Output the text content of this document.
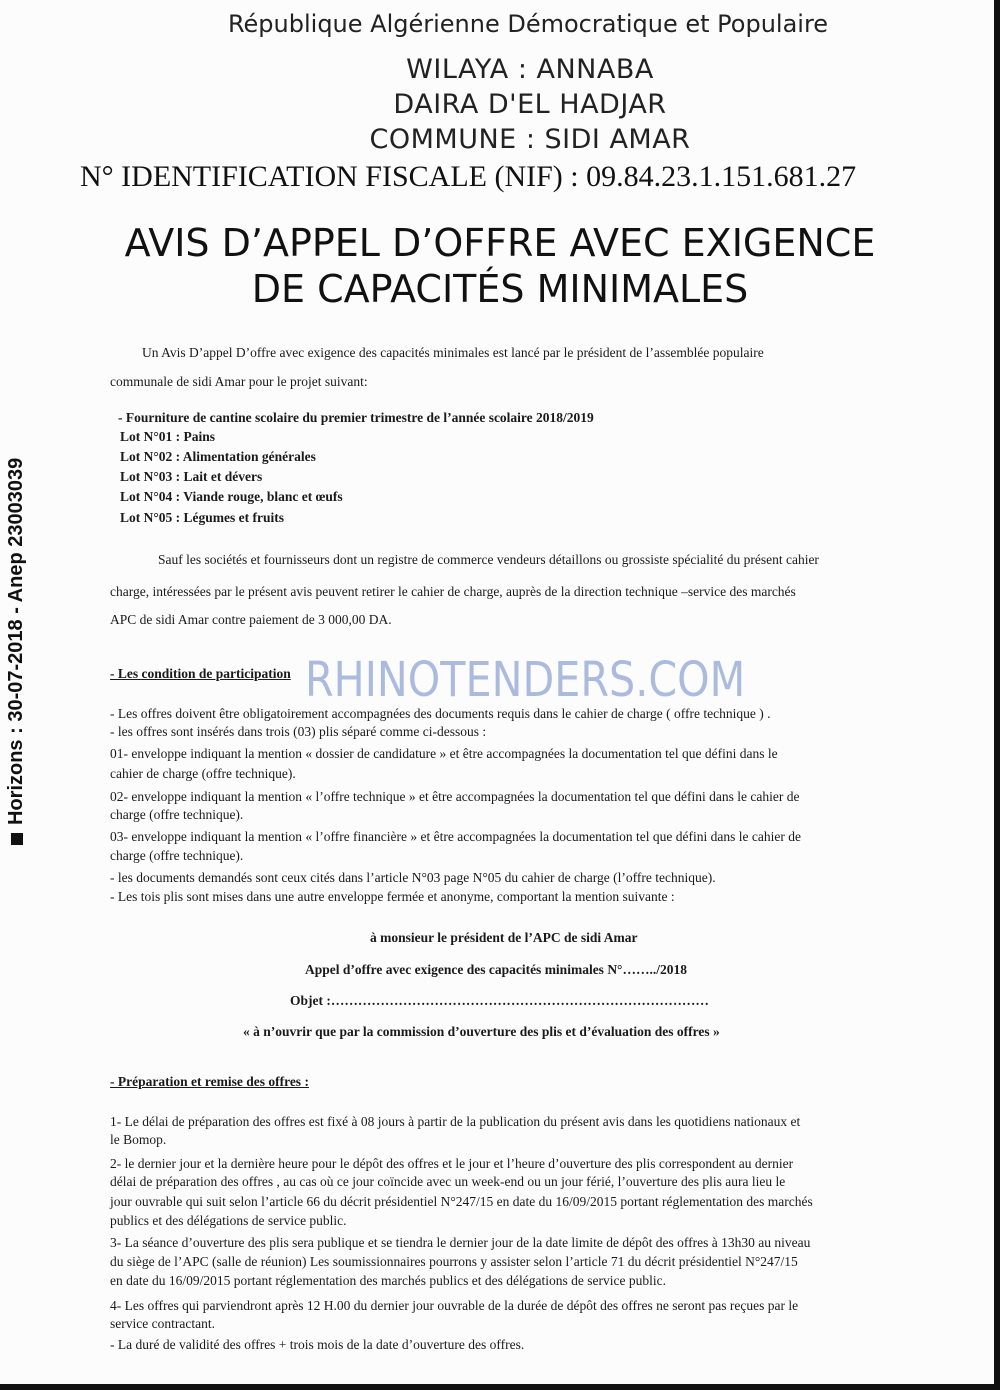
Horizons : 30-07-2018 - Anep 23003039
République Algérienne Démocratique et Populaire
WILAYA : ANNABA
DAIRA D'EL HADJAR
COMMUNE : SIDI AMAR
N° IDENTIFICATION FISCALE (NIF) : 09.84.23.1.151.681.27
AVIS D’APPEL D’OFFRE AVEC EXIGENCE
DE CAPACITÉS MINIMALES
Un Avis D’appel D’offre avec exigence des capacités minimales est lancé par le président de l’assemblée populaire
communale de sidi Amar pour le projet suivant:
- Fourniture de cantine scolaire du premier trimestre de l’année scolaire 2018/2019
Lot N°01 : Pains
Lot N°02 : Alimentation générales
Lot N°03 : Lait et dévers
Lot N°04 : Viande rouge, blanc et œufs
Lot N°05 : Légumes et fruits
Sauf les sociétés et fournisseurs dont un registre de commerce vendeurs détaillons ou grossiste spécialité du présent cahier
charge, intéressées par le présent avis peuvent retirer le cahier de charge, auprès de la direction technique –service des marchés
APC de sidi Amar contre paiement de 3 000,00 DA.
- Les condition de participation RHINOTENDERS.COM
- Les offres doivent être obligatoirement accompagnées des documents requis dans le cahier de charge ( offre technique ) .
- les offres sont insérés dans trois (03) plis séparé comme ci-dessous :
01- enveloppe indiquant la mention « dossier de candidature » et être accompagnées la documentation tel que défini dans le
cahier de charge (offre technique).
02- enveloppe indiquant la mention « l’offre technique » et être accompagnées la documentation tel que défini dans le cahier de
charge (offre technique).
03- enveloppe indiquant la mention « l’offre financière » et être accompagnées la documentation tel que défini dans le cahier de
charge (offre technique).
- les documents demandés sont ceux cités dans l’article N°03 page N°05 du cahier de charge (l’offre technique).
- Les tois plis sont mises dans une autre enveloppe fermée et anonyme, comportant la mention suivante :
à monsieur le président de l’APC de sidi Amar
Appel d’offre avec exigence des capacités minimales N°……../2018
Objet :…………………………………………………………………………
« à n’ouvrir que par la commission d’ouverture des plis et d’évaluation des offres »
- Préparation et remise des offres :
1- Le délai de préparation des offres est fixé à 08 jours à partir de la publication du présent avis dans les quotidiens nationaux et
le Bomop.
2- le dernier jour et la dernière heure pour le dépôt des offres et le jour et l’heure d’ouverture des plis correspondent au dernier
délai de préparation des offres , au cas où ce jour coïncide avec un week-end ou un jour férié, l’ouverture des plis aura lieu le
jour ouvrable qui suit selon l’article 66 du décrit présidentiel N°247/15 en date du 16/09/2015 portant réglementation des marchés
publics et des délégations de service public.
3- La séance d’ouverture des plis sera publique et se tiendra le dernier jour de la date limite de dépôt des offres à 13h30 au niveau
du siège de l’APC (salle de réunion) Les soumissionnaires pourrons y assister selon l’article 71 du décrit présidentiel N°247/15
en date du 16/09/2015 portant réglementation des marchés publics et des délégations de service public.
4- Les offres qui parviendront après 12 H.00 du dernier jour ouvrable de la durée de dépôt des offres ne seront pas reçues par le
service contractant.
- La duré de validité des offres + trois mois de la date d’ouverture des offres.
